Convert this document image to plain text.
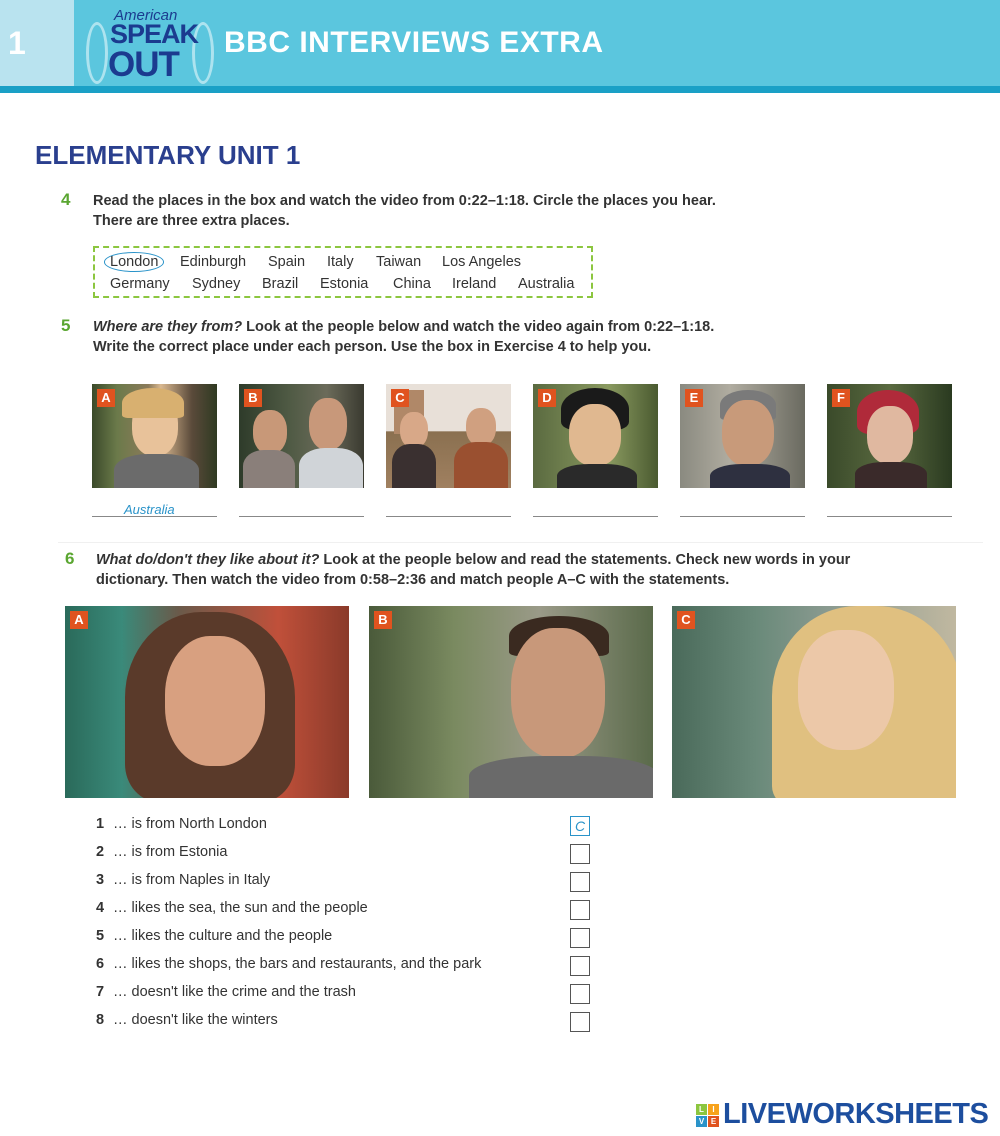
1
American
SPEAK
OUT
BBC INTERVIEWS EXTRA
ELEMENTARY UNIT 1
4 Read the places in the box and watch the video from 0:22–1:18. Circle the places you hear.
There are three extra places.
London	Edinburgh Spain Italy Taiwan Los Angeles
Germany Sydney Brazil Estonia China Ireland Australia
5 Where are they from? Look at the people below and watch the video again from 0:22–1:18.
Write the correct place under each person. Use the box in Exercise 4 to help you.
A	B	C	D	E	F
Australia
6 What do/don't they like about it? Look at the people below and read the statements. Check new words in your
dictionary. Then watch the video from 0:58–2:36 and match people A–C with the statements.
A	B	C
1 … is from North London	C
2 … is from Estonia
3 … is from Naples in Italy
4 … likes the sea, the sun and the people
5 … likes the culture and the people
6 … likes the shops, the bars and restaurants, and the park
7 … doesn't like the crime and the trash
8 … doesn't like the winters
L	I
V E LIVEWORKSHEETS
